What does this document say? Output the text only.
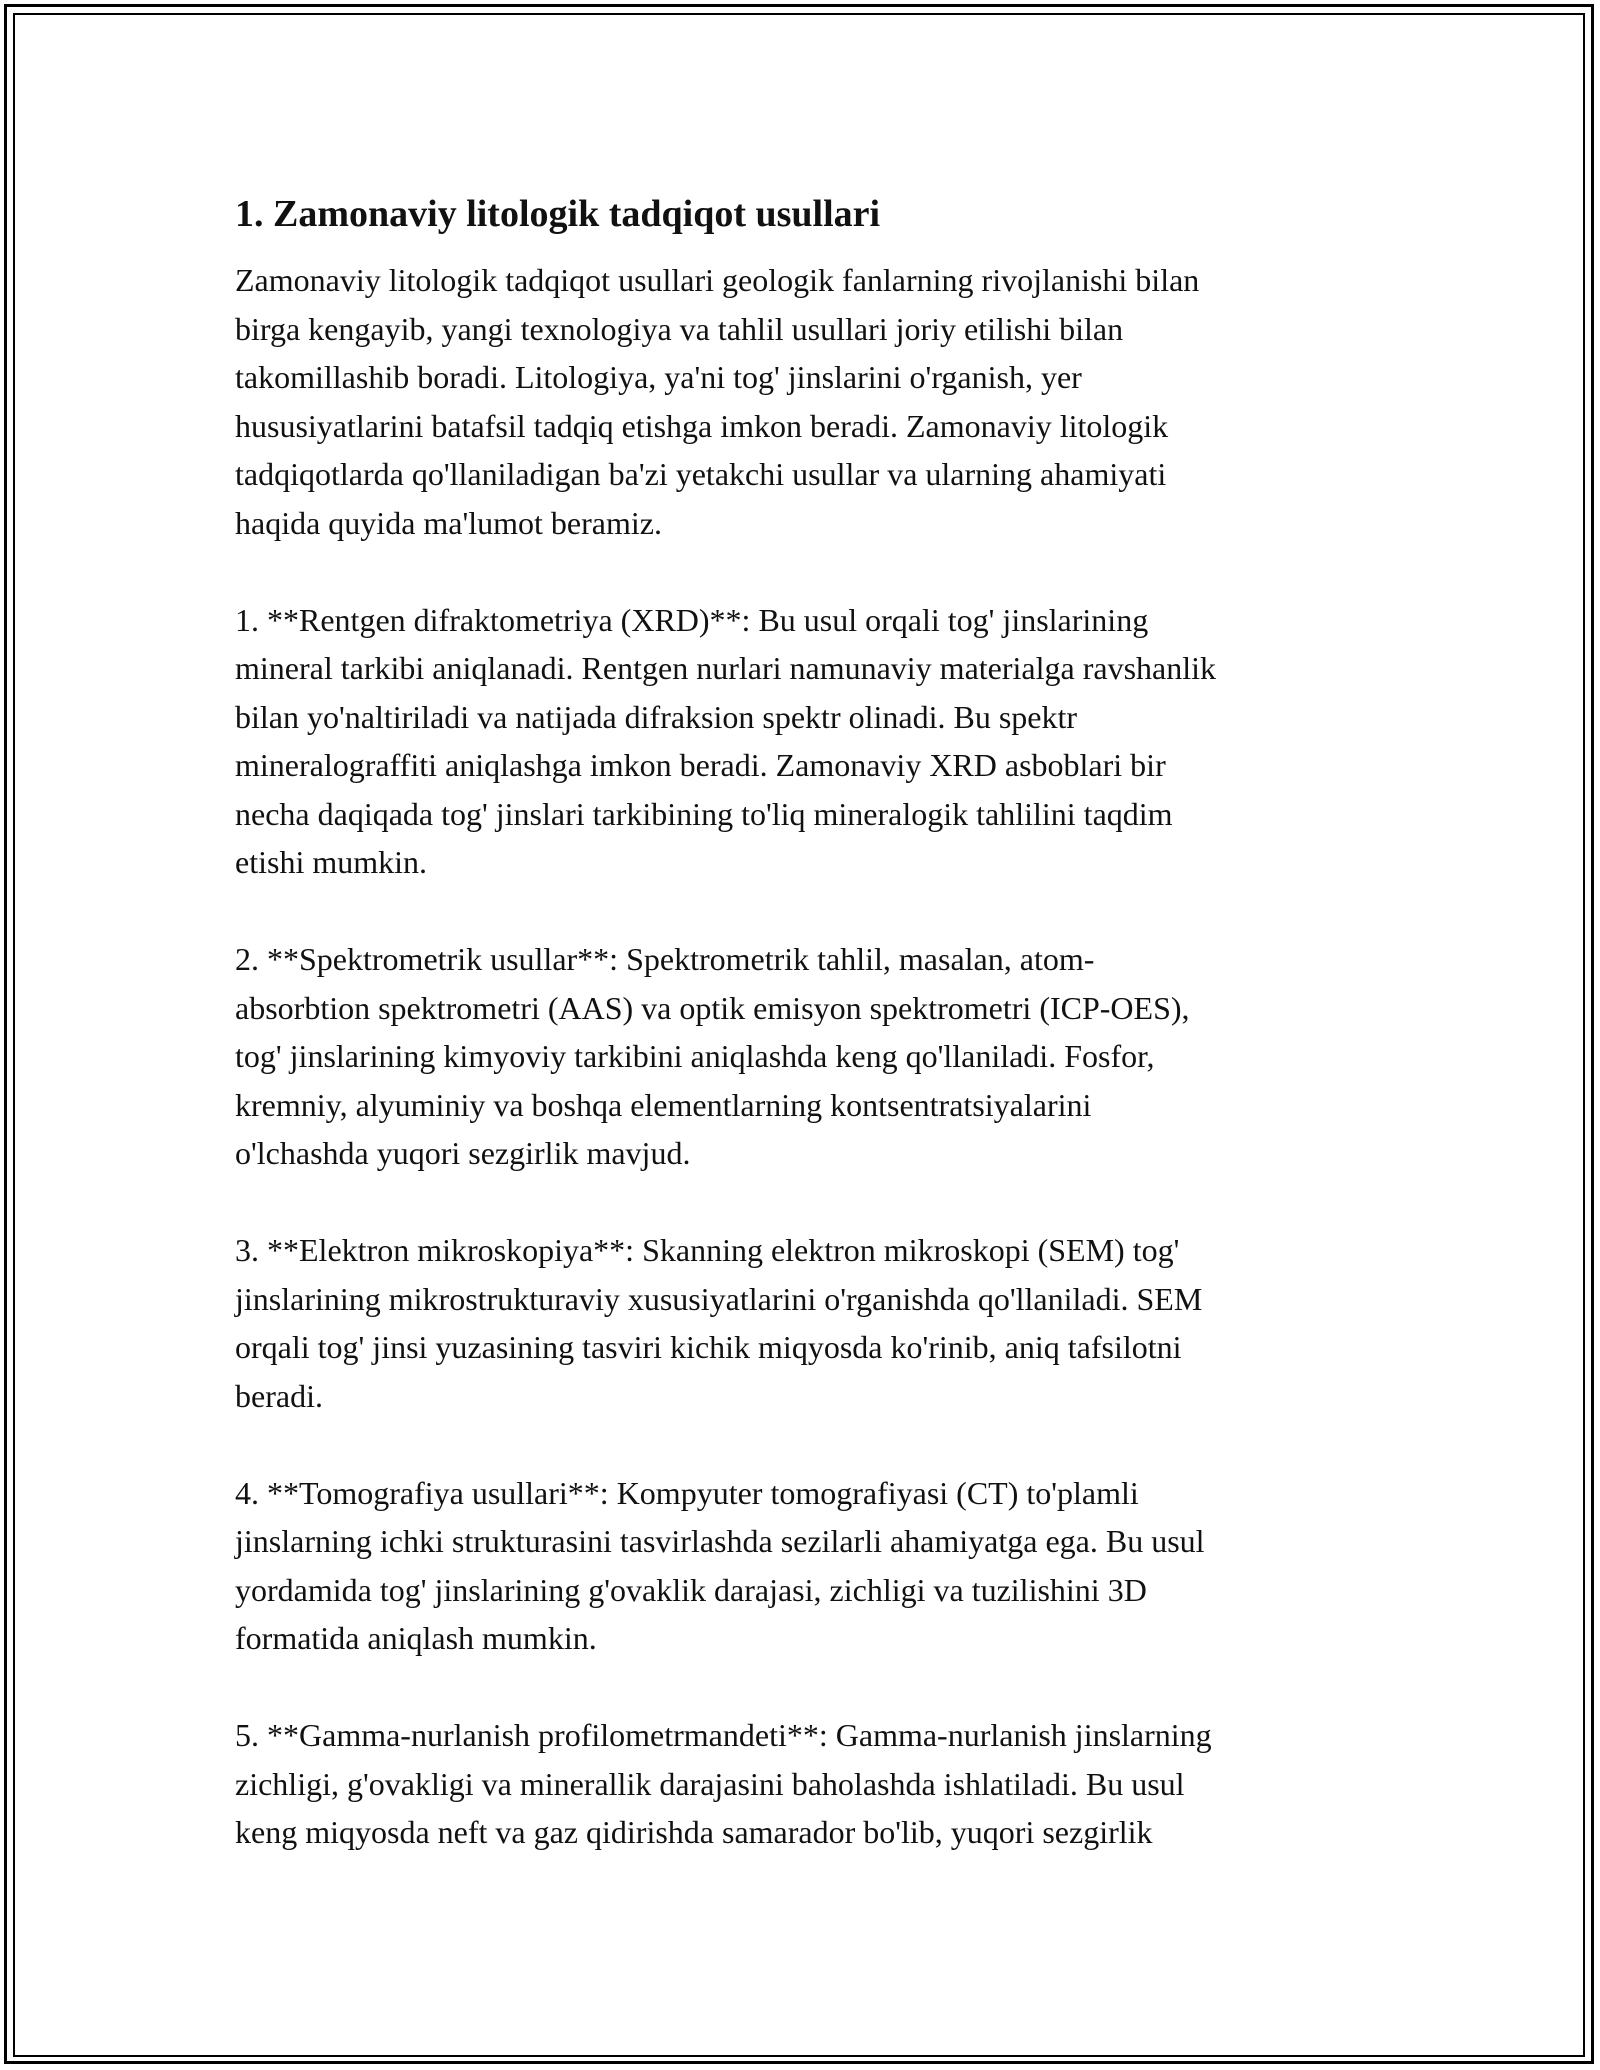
1. Zamonaviy litologik tadqiqot usullari

Zamonaviy litologik tadqiqot usullari geologik fanlarning rivojlanishi bilan
birga kengayib, yangi texnologiya va tahlil usullari joriy etilishi bilan
takomillashib boradi. Litologiya, ya'ni tog' jinslarini o'rganish, yer
hususiyatlarini batafsil tadqiq etishga imkon beradi. Zamonaviy litologik
tadqiqotlarda qo'llaniladigan ba'zi yetakchi usullar va ularning ahamiyati
haqida quyida ma'lumot beramiz.

1. **Rentgen difraktometriya (XRD)**: Bu usul orqali tog' jinslarining
mineral tarkibi aniqlanadi. Rentgen nurlari namunaviy materialga ravshanlik
bilan yo'naltiriladi va natijada difraksion spektr olinadi. Bu spektr
mineralograffiti aniqlashga imkon beradi. Zamonaviy XRD asboblari bir
necha daqiqada tog' jinslari tarkibining to'liq mineralogik tahlilini taqdim
etishi mumkin.

2. **Spektrometrik usullar**: Spektrometrik tahlil, masalan, atom-
absorbtion spektrometri (AAS) va optik emisyon spektrometri (ICP-OES),
tog' jinslarining kimyoviy tarkibini aniqlashda keng qo'llaniladi. Fosfor,
kremniy, alyuminiy va boshqa elementlarning kontsentratsiyalarini
o'lchashda yuqori sezgirlik mavjud.

3. **Elektron mikroskopiya**: Skanning elektron mikroskopi (SEM) tog'
jinslarining mikrostrukturaviy xususiyatlarini o'rganishda qo'llaniladi. SEM
orqali tog' jinsi yuzasining tasviri kichik miqyosda ko'rinib, aniq tafsilotni
beradi.

4. **Tomografiya usullari**: Kompyuter tomografiyasi (CT) to'plamli
jinslarning ichki strukturasini tasvirlashda sezilarli ahamiyatga ega. Bu usul
yordamida tog' jinslarining g'ovaklik darajasi, zichligi va tuzilishini 3D
formatida aniqlash mumkin.

5. **Gamma-nurlanish profilometrmandeti**: Gamma-nurlanish jinslarning
zichligi, g'ovakligi va minerallik darajasini baholashda ishlatiladi. Bu usul
keng miqyosda neft va gaz qidirishda samarador bo'lib, yuqori sezgirlik
